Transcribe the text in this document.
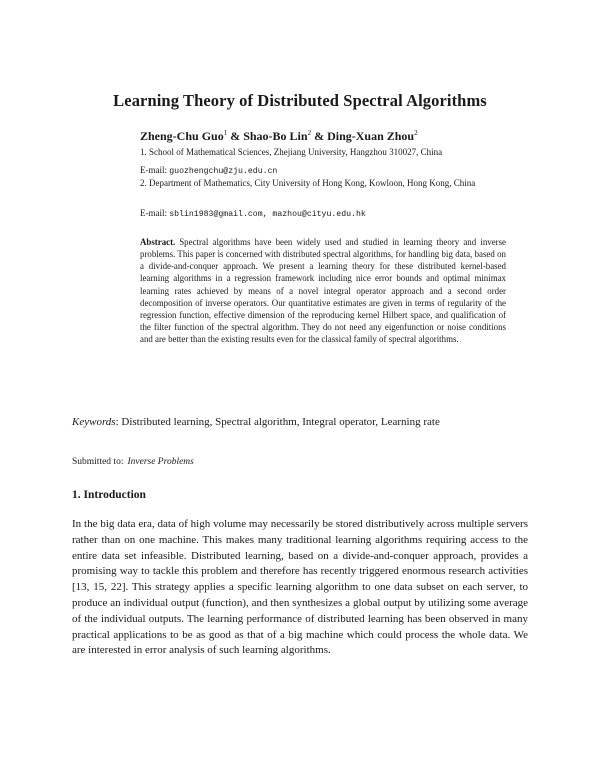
Learning Theory of Distributed Spectral Algorithms
Zheng-Chu Guo$^1$ & Shao-Bo Lin$^2$ & Ding-Xuan Zhou$^2$
1. School of Mathematical Sciences, Zhejiang University, Hangzhou 310027, China
E-mail: guozhengchu@zju.edu.cn
2. Department of Mathematics, City University of Hong Kong, Kowloon, Hong Kong, China
E-mail: sblin1983@gmail.com, mazhou@cityu.edu.hk
Abstract. Spectral algorithms have been widely used and studied in learning theory and inverse problems. This paper is concerned with distributed spectral algorithms, for handling big data, based on a divide-and-conquer approach. We present a learning theory for these distributed kernel-based learning algorithms in a regression framework including nice error bounds and optimal minimax learning rates achieved by means of a novel integral operator approach and a second order decomposition of inverse operators. Our quantitative estimates are given in terms of regularity of the regression function, effective dimension of the reproducing kernel Hilbert space, and qualification of the filter function of the spectral algorithm. They do not need any eigenfunction or noise conditions and are better than the existing results even for the classical family of spectral algorithms.
Keywords: Distributed learning, Spectral algorithm, Integral operator, Learning rate
Submitted to: Inverse Problems
1. Introduction
In the big data era, data of high volume may necessarily be stored distributively across multiple servers rather than on one machine. This makes many traditional learning algorithms requiring access to the entire data set infeasible. Distributed learning, based on a divide-and-conquer approach, provides a promising way to tackle this problem and therefore has recently triggered enormous research activities [13, 15, 22]. This strategy applies a specific learning algorithm to one data subset on each server, to produce an individual output (function), and then synthesizes a global output by utilizing some average of the individual outputs. The learning performance of distributed learning has been observed in many practical applications to be as good as that of a big machine which could process the whole data. We are interested in error analysis of such learning algorithms.
